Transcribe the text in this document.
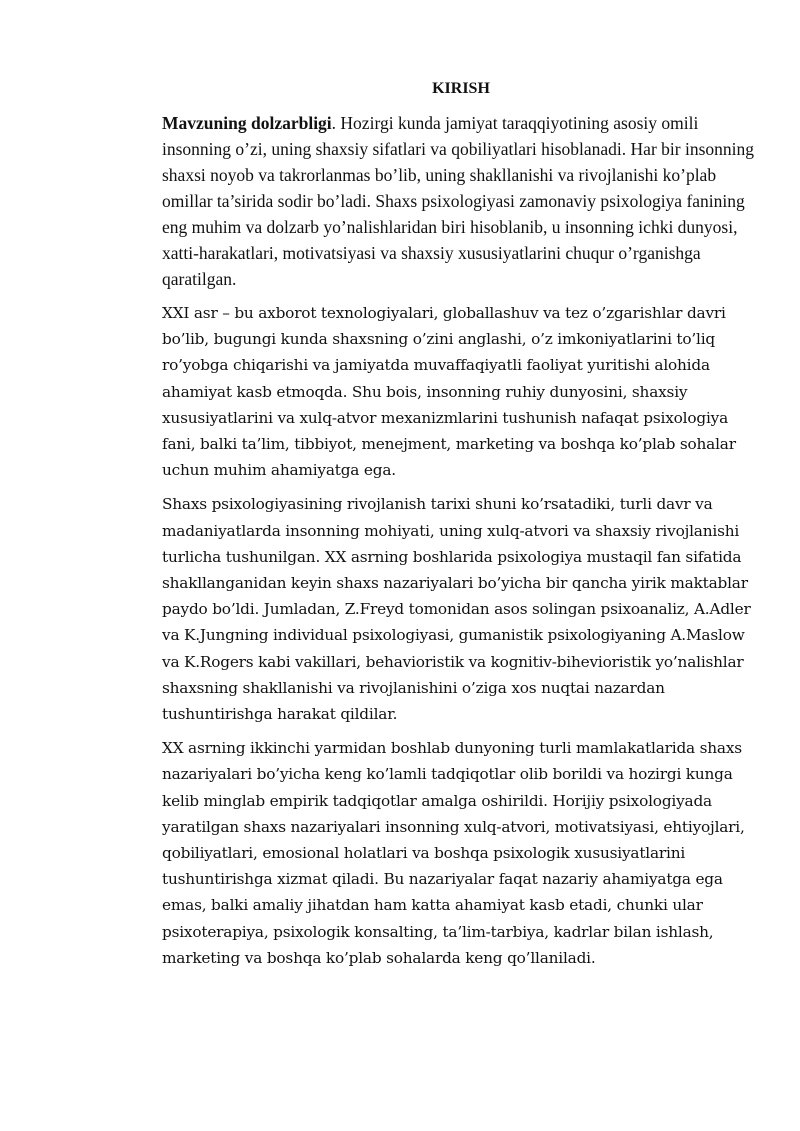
KIRISH

Mavzuning dolzarbligi. Hozirgi kunda jamiyat taraqqiyotining asosiy omili insonning o’zi, uning shaxsiy sifatlari va qobiliyatlari hisoblanadi. Har bir insonning shaxsi noyob va takrorlanmas bo’lib, uning shakllanishi va rivojlanishi ko’plab omillar ta’sirida sodir bo’ladi. Shaxs psixologiyasi zamonaviy psixologiya fanining eng muhim va dolzarb yo’nalishlaridan biri hisoblanib, u insonning ichki dunyosi, xatti-harakatlari, motivatsiyasi va shaxsiy xususiyatlarini chuqur o’rganishga qaratilgan.

XXI asr – bu axborot texnologiyalari, globallashuv va tez o’zgarishlar davri bo’lib, bugungi kunda shaxsning o’zini anglashi, o’z imkoniyatlarini to’liq ro’yobga chiqarishi va jamiyatda muvaffaqiyatli faoliyat yuritishi alohida ahamiyat kasb etmoqda. Shu bois, insonning ruhiy dunyosini, shaxsiy xususiyatlarini va xulq-atvor mexanizmlarini tushunish nafaqat psixologiya fani, balki ta’lim, tibbiyot, menejment, marketing va boshqa ko’plab sohalar uchun muhim ahamiyatga ega.

Shaxs psixologiyasining rivojlanish tarixi shuni ko’rsatadiki, turli davr va madaniyatlarda insonning mohiyati, uning xulq-atvori va shaxsiy rivojlanishi turlicha tushunilgan. XX asrning boshlarida psixologiya mustaqil fan sifatida shakllanganidan keyin shaxs nazariyalari bo’yicha bir qancha yirik maktablar paydo bo’ldi. Jumladan, Z.Freyd tomonidan asos solingan psixoanaliz, A.Adler va K.Jungning individual psixologiyasi, gumanistik psixologiyaning A.Maslow va K.Rogers kabi vakillari, behavioristik va kognitiv-bihevioristik yo’nalishlar shaxsning shakllanishi va rivojlanishini o’ziga xos nuqtai nazardan tushuntirishga harakat qildilar.

XX asrning ikkinchi yarmidan boshlab dunyoning turli mamlakatlarida shaxs nazariyalari bo’yicha keng ko’lamli tadqiqotlar olib borildi va hozirgi kunga kelib minglab empirik tadqiqotlar amalga oshirildi. Horijiy psixologiyada yaratilgan shaxs nazariyalari insonning xulq-atvori, motivatsiyasi, ehtiyojlari, qobiliyatlari, emosional holatlari va boshqa psixologik xususiyatlarini tushuntirishga xizmat qiladi. Bu nazariyalar faqat nazariy ahamiyatga ega emas, balki amaliy jihatdan ham katta ahamiyat kasb etadi, chunki ular psixoterapiya, psixologik konsalting, ta’lim-tarbiya, kadrlar bilan ishlash, marketing va boshqa ko’plab sohalarda keng qo’llaniladi.
